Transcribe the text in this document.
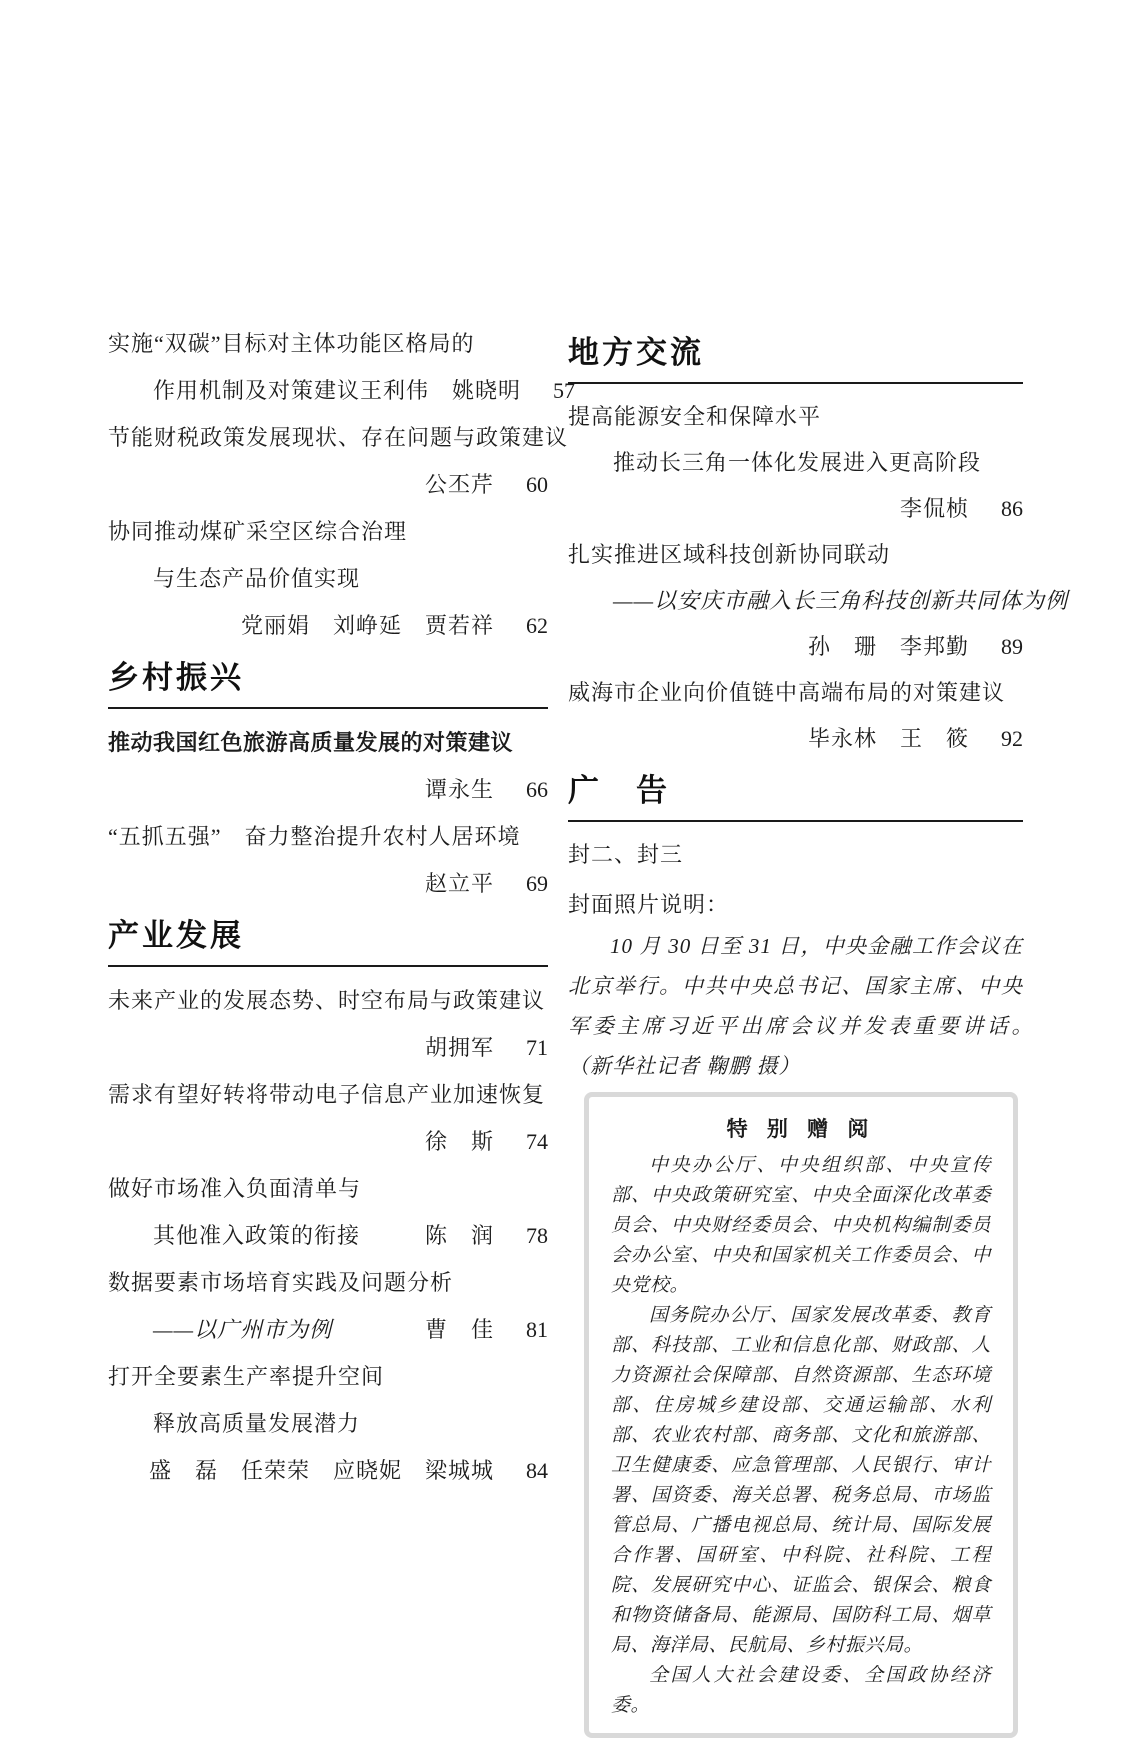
实施“双碳”目标对主体功能区格局的
作用机制及对策建议 王利伟　姚晓明 57
节能财税政策发展现状、存在问题与政策建议
公丕芹 60
协同推动煤矿采空区综合治理
与生态产品价值实现
党丽娟　刘峥延　贾若祥 62
乡村振兴
推动我国红色旅游高质量发展的对策建议
谭永生 66
“五抓五强”　奋力整治提升农村人居环境
赵立平 69
产业发展
未来产业的发展态势、时空布局与政策建议
胡拥军 71
需求有望好转将带动电子信息产业加速恢复
徐　斯 74
做好市场准入负面清单与
其他准入政策的衔接	陈　润 78
数据要素市场培育实践及问题分析
——以广州市为例	曹　佳 81
打开全要素生产率提升空间
释放高质量发展潜力
盛　磊　任荣荣　应晓妮　梁城城 84
地方交流
提高能源安全和保障水平
推动长三角一体化发展进入更高阶段
李侃桢 86
扎实推进区域科技创新协同联动
——以安庆市融入长三角科技创新共同体为例
孙　珊　李邦勤 89
威海市企业向价值链中高端布局的对策建议
毕永林　王　筱 92
广　告
封二、封三
封面照片说明：

10 月 30 日至 31 日，中央金融工作会议在北京举行。中共中央总书记、国家主席、中央军委主席习近平出席会议并发表重要讲话。　（新华社记者 鞠鹏 摄）

特 别 赠 阅

中央办公厅、中央组织部、中央宣传部、中央政策研究室、中央全面深化改革委员会、中央财经委员会、中央机构编制委员会办公室、中央和国家机关工作委员会、中央党校。

国务院办公厅、国家发展改革委、教育部、科技部、工业和信息化部、财政部、人力资源社会保障部、自然资源部、生态环境部、住房城乡建设部、交通运输部、水利部、农业农村部、商务部、文化和旅游部、卫生健康委、应急管理部、人民银行、审计署、国资委、海关总署、税务总局、市场监管总局、广播电视总局、统计局、国际发展合作署、国研室、中科院、社科院、工程院、发展研究中心、证监会、银保会、粮食和物资储备局、能源局、国防科工局、烟草局、海洋局、民航局、乡村振兴局。

全国人大社会建设委、全国政协经济委。
